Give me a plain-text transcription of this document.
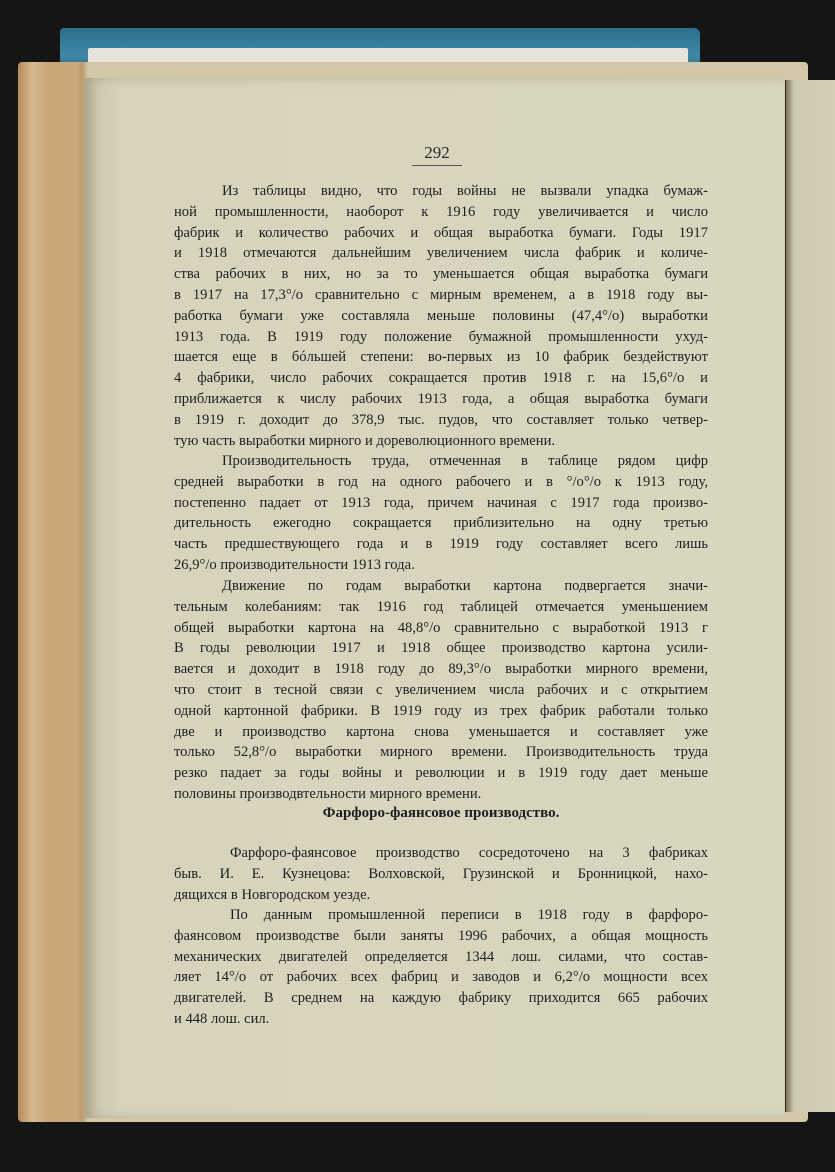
292
Из таблицы видно, что годы войны не вызвали упадка бумаж-
ной промышленности, наоборот к 1916 году увеличивается и число
фабрик и количество рабочих и общая выработка бумаги. Годы 1917
и 1918 отмечаются дальнейшим увеличением числа фабрик и количе-
ства рабочих в них, но за то уменьшается общая выработка бумаги
в 1917 на 17,3°/о сравнительно с мирным временем, а в 1918 году вы-
работка бумаги уже составляла меньше половины (47,4°/о) выработки
1913 года. В 1919 году положение бумажной промышленности ухуд-
шается еще в бóльшей степени: во-первых из 10 фабрик бездействуют
4 фабрики, число рабочих сокращается против 1918 г. на 15,6°/о и
приближается к числу рабочих 1913 года, а общая выработка бумаги
в 1919 г. доходит до 378,9 тыс. пудов, что составляет только четвер-
тую часть выработки мирного и дореволюционного времени.
Производительность труда, отмеченная в таблице рядом цифр
средней выработки в год на одного рабочего и в °/о°/о к 1913 году,
постепенно падает от 1913 года, причем начиная с 1917 года произво-
дительность ежегодно сокращается приблизительно на одну третью
часть предшествующего года и в 1919 году составляет всего лишь
26,9°/о производительности 1913 года.
Движение по годам выработки картона подвергается значи-
тельным колебаниям: так 1916 год таблицей отмечается уменьшением
общей выработки картона на 48,8°/о сравнительно с выработкой 1913 г
В годы революции 1917 и 1918 общее производство картона усили-
вается и доходит в 1918 году до 89,3°/о выработки мирного времени,
что стоит в тесной связи с увеличением числа рабочих и с открытием
одной картонной фабрики. В 1919 году из трех фабрик работали только
две и производство картона снова уменьшается и составляет уже
только 52,8°/о выработки мирного времени. Производительность труда
резко падает за годы войны и революции и в 1919 году дает меньше
половины производвтельности мирного времени.
Фарфоро-фаянсовое производство.
Фарфоро-фаянсовое производство сосредоточено на 3 фабриках
быв. И. Е. Кузнецова: Волховской, Грузинской и Бронницкой, нахо-
дящихся в Новгородском уезде.
По данным промышленной переписи в 1918 году в фарфоро-
фаянсовом производстве были заняты 1996 рабочих, а общая мощность
механических двигателей определяется 1344 лош. силами, что состав-
ляет 14°/о от рабочих всех фабриц и заводов и 6,2°/о мощности всех
двигателей. В среднем на каждую фабрику приходится 665 рабочих
и 448 лош. сил.
